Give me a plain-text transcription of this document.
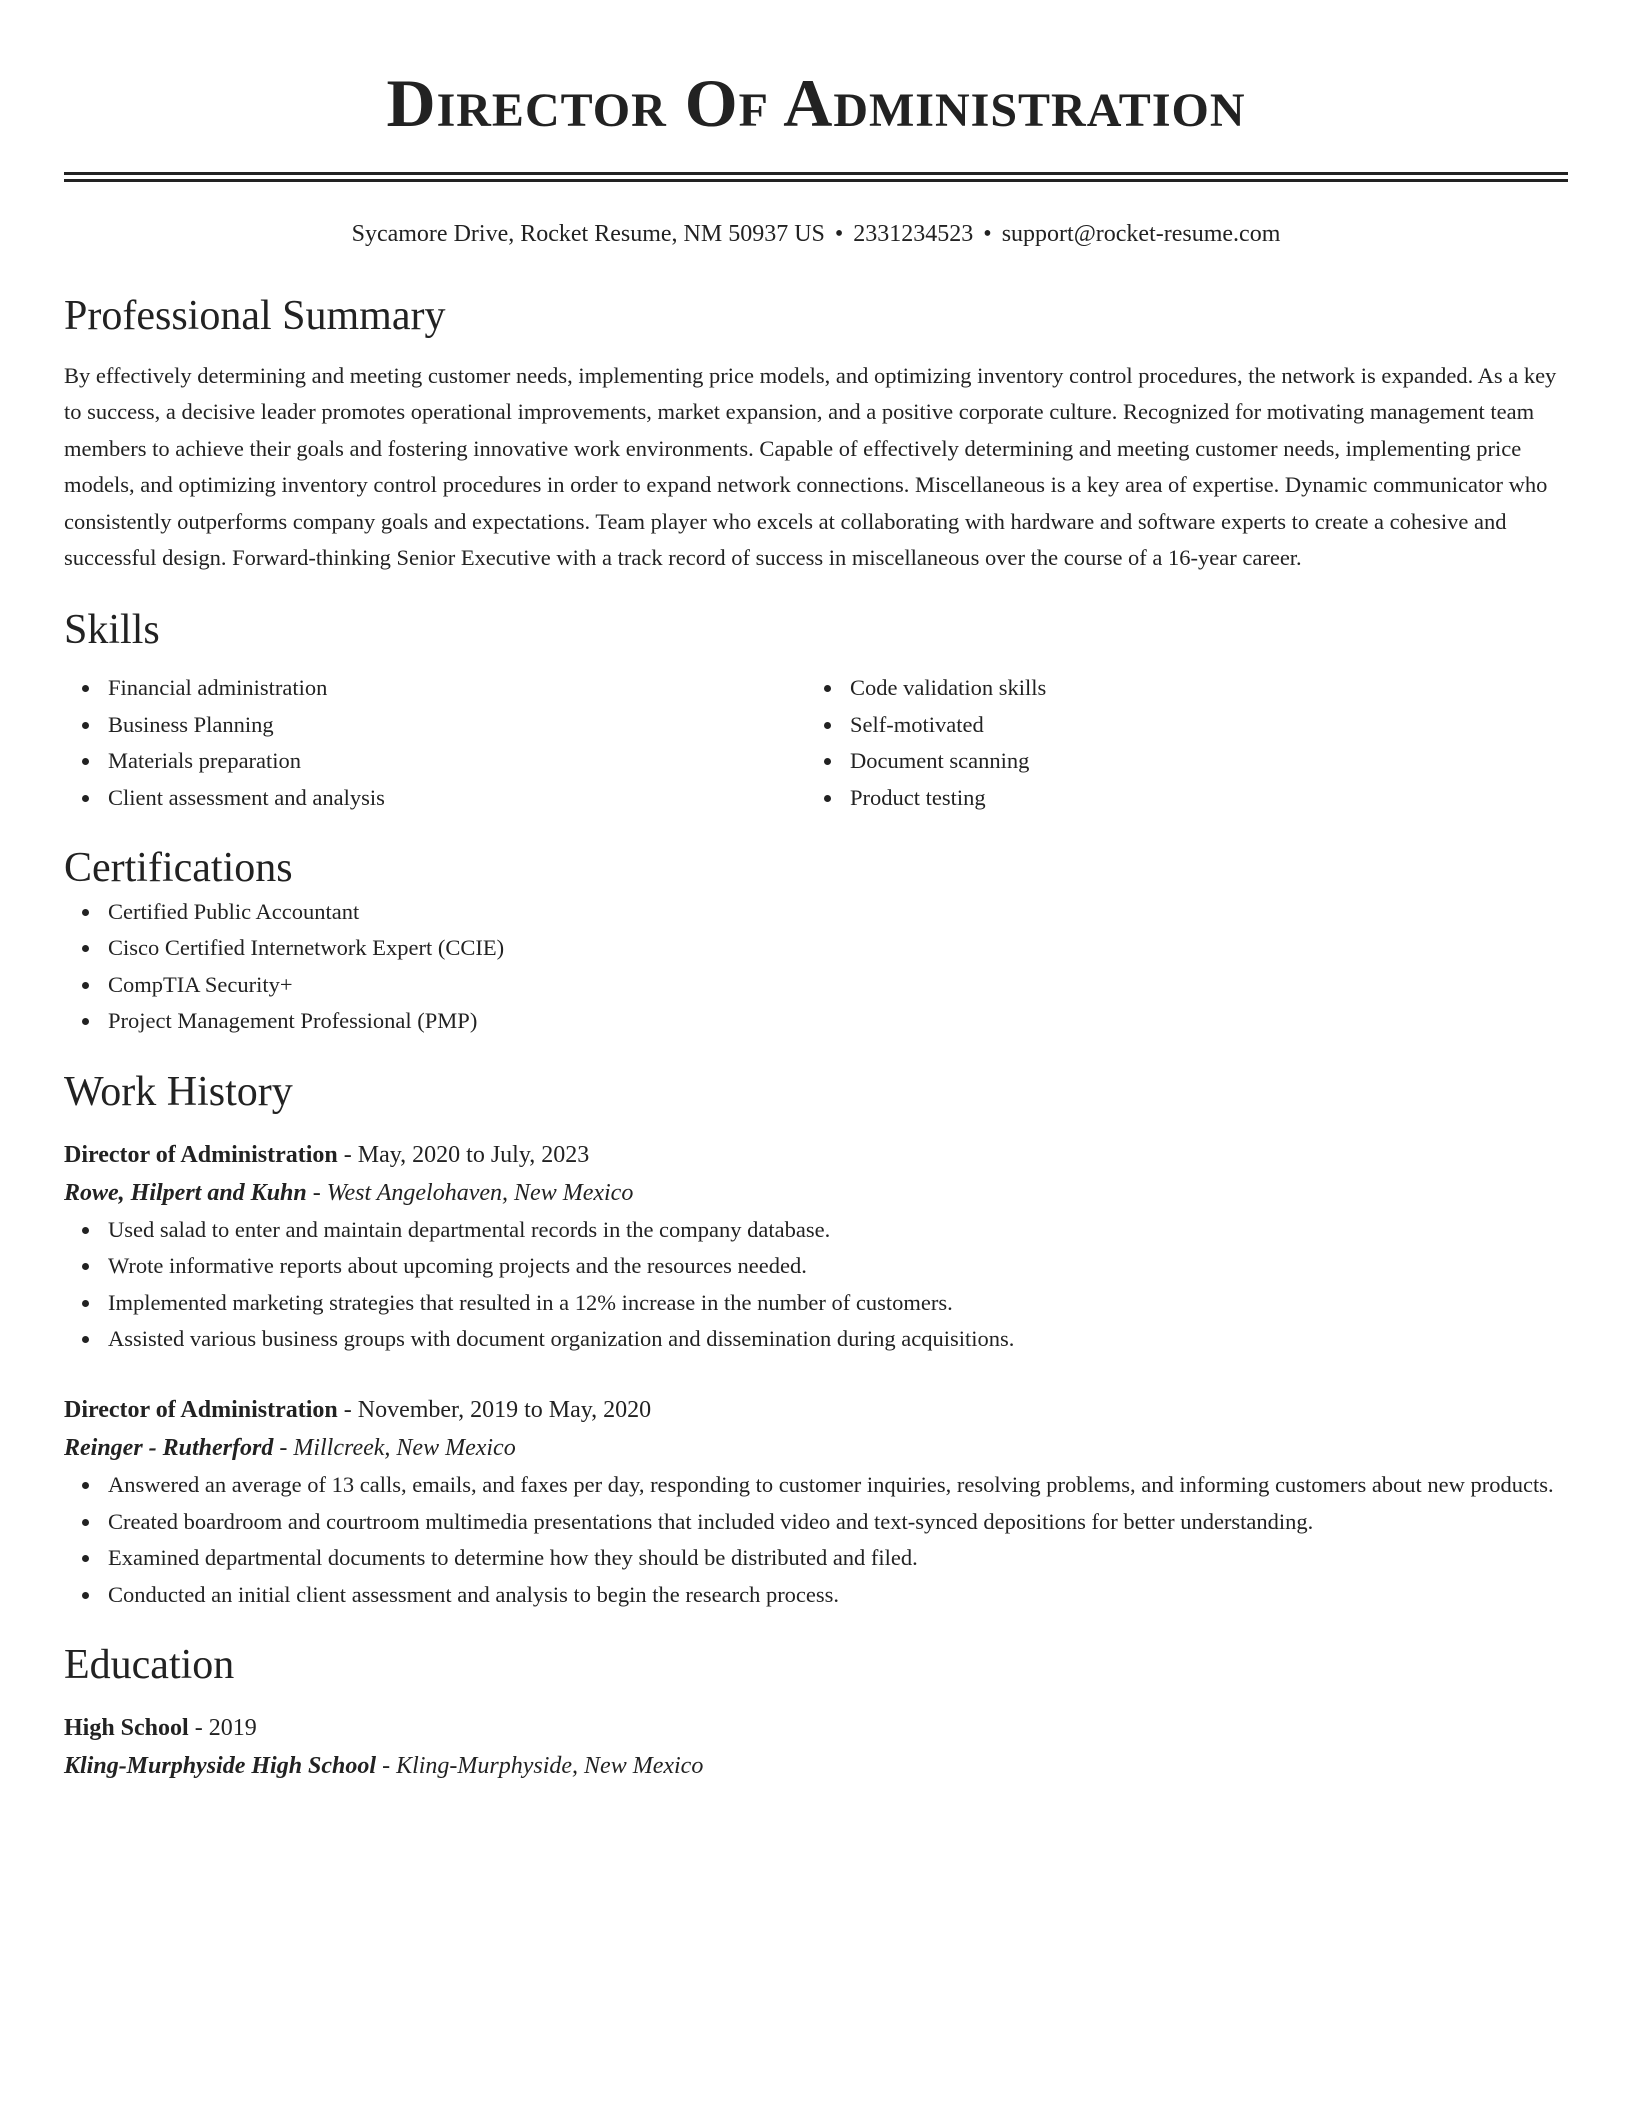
Director Of Administration
Sycamore Drive, Rocket Resume, NM 50937 US • 2331234523 • support@rocket-resume.com
Professional Summary

By effectively determining and meeting customer needs, implementing price models, and optimizing inventory control procedures, the network is expanded. As a key to success, a decisive leader promotes operational improvements, market expansion, and a positive corporate culture. Recognized for motivating management team members to achieve their goals and fostering innovative work environments. Capable of effectively determining and meeting customer needs, implementing price models, and optimizing inventory control procedures in order to expand network connections. Miscellaneous is a key area of expertise. Dynamic communicator who consistently outperforms company goals and expectations. Team player who excels at collaborating with hardware and software experts to create a cohesive and successful design. Forward-thinking Senior Executive with a track record of success in miscellaneous over the course of a 16-year career.

Skills
Financial administration
Business Planning
Materials preparation
Client assessment and analysis
Code validation skills
Self-motivated
Document scanning
Product testing
Certifications
Certified Public Accountant
Cisco Certified Internetwork Expert (CCIE)
CompTIA Security+
Project Management Professional (PMP)
Work History
Director of Administration - May, 2020 to July, 2023
Rowe, Hilpert and Kuhn - West Angelohaven, New Mexico
Used salad to enter and maintain departmental records in the company database.
Wrote informative reports about upcoming projects and the resources needed.
Implemented marketing strategies that resulted in a 12% increase in the number of customers.
Assisted various business groups with document organization and dissemination during acquisitions.
Director of Administration - November, 2019 to May, 2020
Reinger - Rutherford - Millcreek, New Mexico
Answered an average of 13 calls, emails, and faxes per day, responding to customer inquiries, resolving problems, and informing customers about new products.
Created boardroom and courtroom multimedia presentations that included video and text-synced depositions for better understanding.
Examined departmental documents to determine how they should be distributed and filed.
Conducted an initial client assessment and analysis to begin the research process.
Education
High School - 2019
Kling-Murphyside High School - Kling-Murphyside, New Mexico
